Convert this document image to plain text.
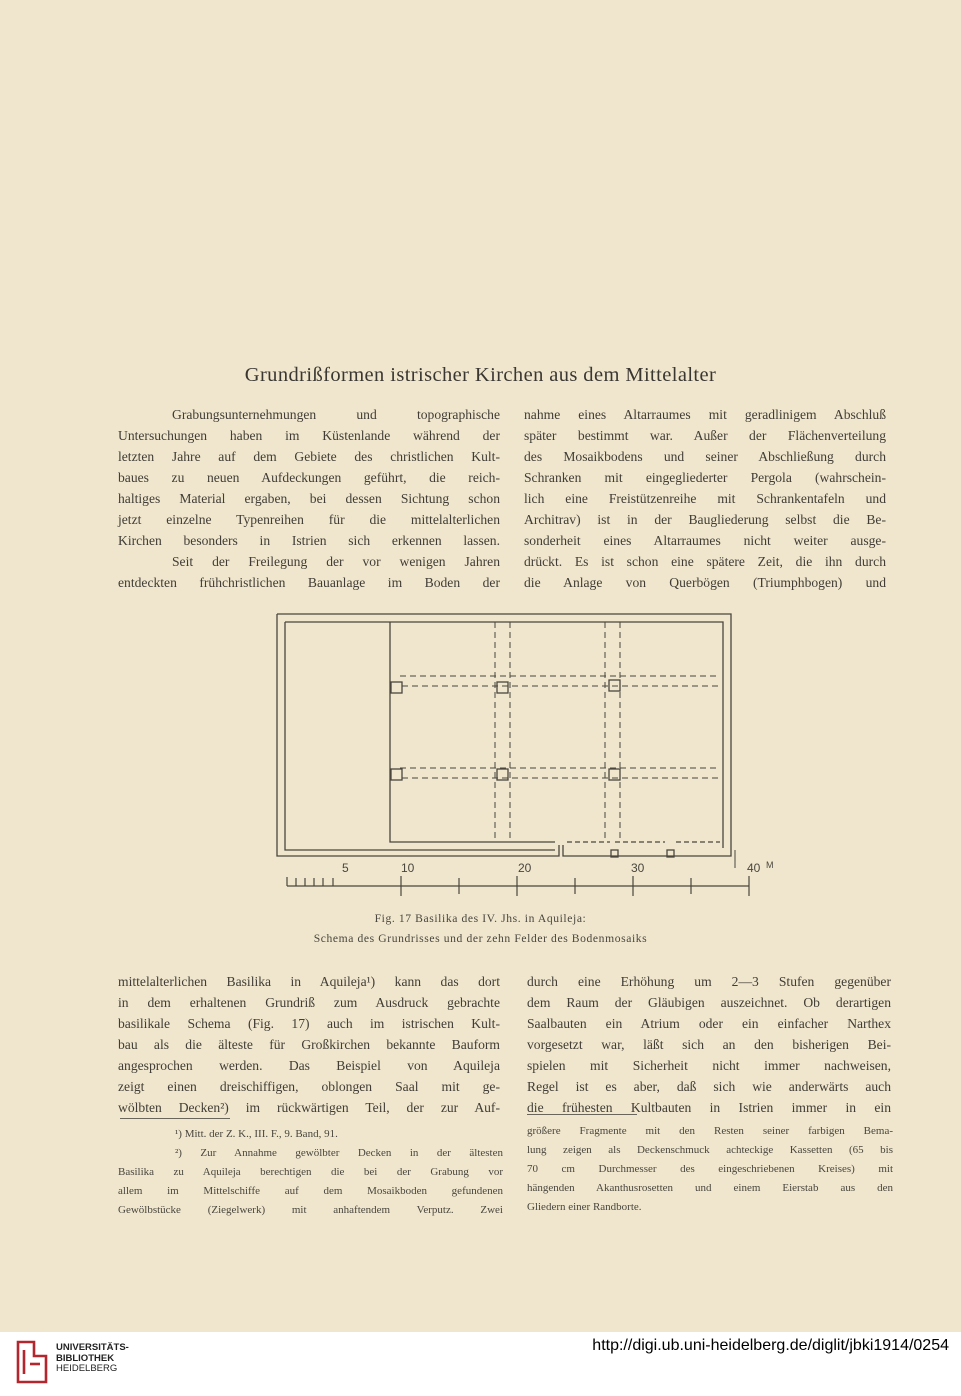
Grundrißformen istrischer Kirchen aus dem Mittelalter
Grabungsunternehmungen und topographische
Untersuchungen haben im Küstenlande während der
letzten Jahre auf dem Gebiete des christlichen Kult-
baues zu neuen Aufdeckungen geführt, die reich-
haltiges Material ergaben, bei dessen Sichtung schon
jetzt einzelne Typenreihen für die mittelalterlichen
Kirchen besonders in Istrien sich erkennen lassen.
Seit der Freilegung der vor wenigen Jahren
entdeckten frühchristlichen Bauanlage im Boden der
nahme eines Altarraumes mit geradlinigem Abschluß
später bestimmt war. Außer der Flächenverteilung
des Mosaikbodens und seiner Abschließung durch
Schranken mit eingegliederter Pergola (wahrschein-
lich eine Freistützenreihe mit Schrankentafeln und
Architrav) ist in der Baugliederung selbst die Be-
sonderheit eines Altarraumes nicht weiter ausge-
drückt. Es ist schon eine spätere Zeit, die ihn durch
die Anlage von Querbögen (Triumphbogen) und
5	10	20	30	40 M
Fig. 17 Basilika des IV. Jhs. in Aquileja:
Schema des Grundrisses und der zehn Felder des Bodenmosaiks
mittelalterlichen Basilika in Aquileja¹) kann das dort
in dem erhaltenen Grundriß zum Ausdruck gebrachte
basilikale Schema (Fig. 17) auch im istrischen Kult-
bau als die älteste für Großkirchen bekannte Bauform
angesprochen werden. Das Beispiel von Aquileja
zeigt einen dreischiffigen, oblongen Saal mit ge-
wölbten Decken²) im rückwärtigen Teil, der zur Auf-
durch eine Erhöhung um 2—3 Stufen gegenüber
dem Raum der Gläubigen auszeichnet. Ob derartigen
Saalbauten ein Atrium oder ein einfacher Narthex
vorgesetzt war, läßt sich an den bisherigen Bei-
spielen mit Sicherheit nicht immer nachweisen,
Regel ist es aber, daß sich wie anderwärts auch
die frühesten Kultbauten in Istrien immer in ein
¹) Mitt. der Z. K., III. F., 9. Band, 91.
²) Zur Annahme gewölbter Decken in der ältesten
Basilika zu Aquileja berechtigen die bei der Grabung vor
allem im Mittelschiffe auf dem Mosaikboden gefundenen
Gewölbstücke (Ziegelwerk) mit anhaftendem Verputz. Zwei
größere Fragmente mit den Resten seiner farbigen Bema-
lung zeigen als Deckenschmuck achteckige Kassetten (65 bis
70 cm Durchmesser des eingeschriebenen Kreises) mit
hängenden Akanthusrosetten und einem Eierstab aus den
Gliedern einer Randborte.
UNIVERSITÄTS-
BIBLIOTHEK
HEIDELBERG
http://digi.ub.uni-heidelberg.de/diglit/jbki1914/0254
